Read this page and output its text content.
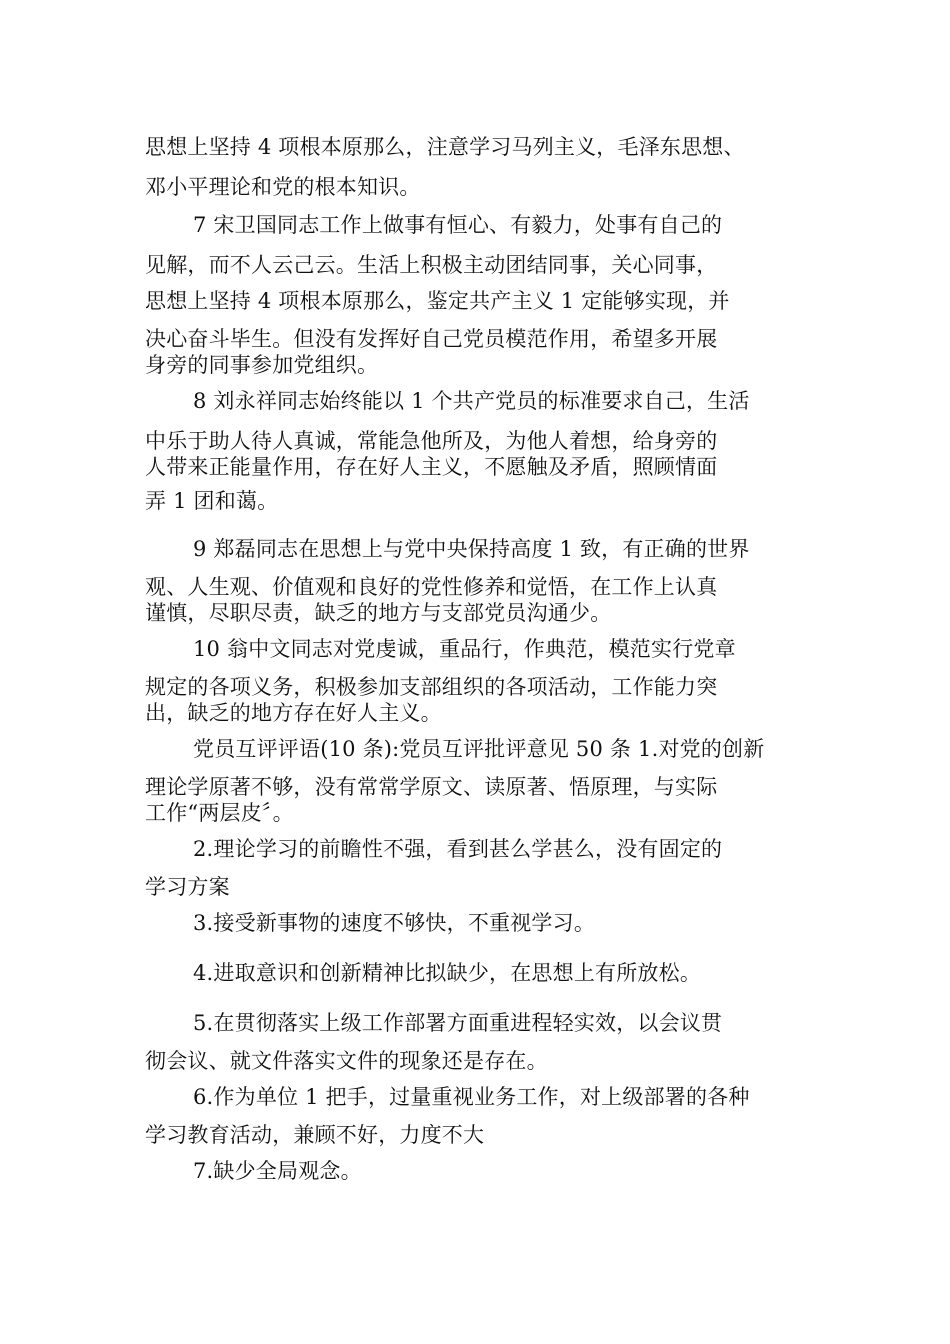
思想上坚持 4 项根本原那么，注意学习马列主义，毛泽东思想、
邓小平理论和党的根本知识。
7 宋卫国同志工作上做事有恒心、有毅力，处事有自己的
见解，而不人云己云。生活上积极主动团结同事，关心同事，
思想上坚持 4 项根本原那么，鉴定共产主义 1 定能够实现，并
决心奋斗毕生。但没有发挥好自己党员模范作用，希望多开展
身旁的同事参加党组织。
8 刘永祥同志始终能以 1 个共产党员的标准要求自己，生活
中乐于助人待人真诚，常能急他所及，为他人着想，给身旁的
人带来正能量作用，存在好人主义，不愿触及矛盾，照顾情面
弄 1 团和蔼。
9 郑磊同志在思想上与党中央保持高度 1 致，有正确的世界
观、人生观、价值观和良好的党性修养和觉悟，在工作上认真
谨慎，尽职尽责，缺乏的地方与支部党员沟通少。
10 翁中文同志对党虔诚，重品行，作典范，模范实行党章
规定的各项义务，积极参加支部组织的各项活动，工作能力突
出，缺乏的地方存在好人主义。
党员互评评语(10 条):党员互评批评意见 50 条 1.对党的创新
理论学原著不够，没有常常学原文、读原著、悟原理，与实际
工作“两层皮〞。
2.理论学习的前瞻性不强，看到甚么学甚么，没有固定的
学习方案
3.接受新事物的速度不够快，不重视学习。
4.进取意识和创新精神比拟缺少，在思想上有所放松。
5.在贯彻落实上级工作部署方面重进程轻实效，以会议贯
彻会议、就文件落实文件的现象还是存在。
6.作为单位 1 把手，过量重视业务工作，对上级部署的各种
学习教育活动，兼顾不好，力度不大
7.缺少全局观念。
